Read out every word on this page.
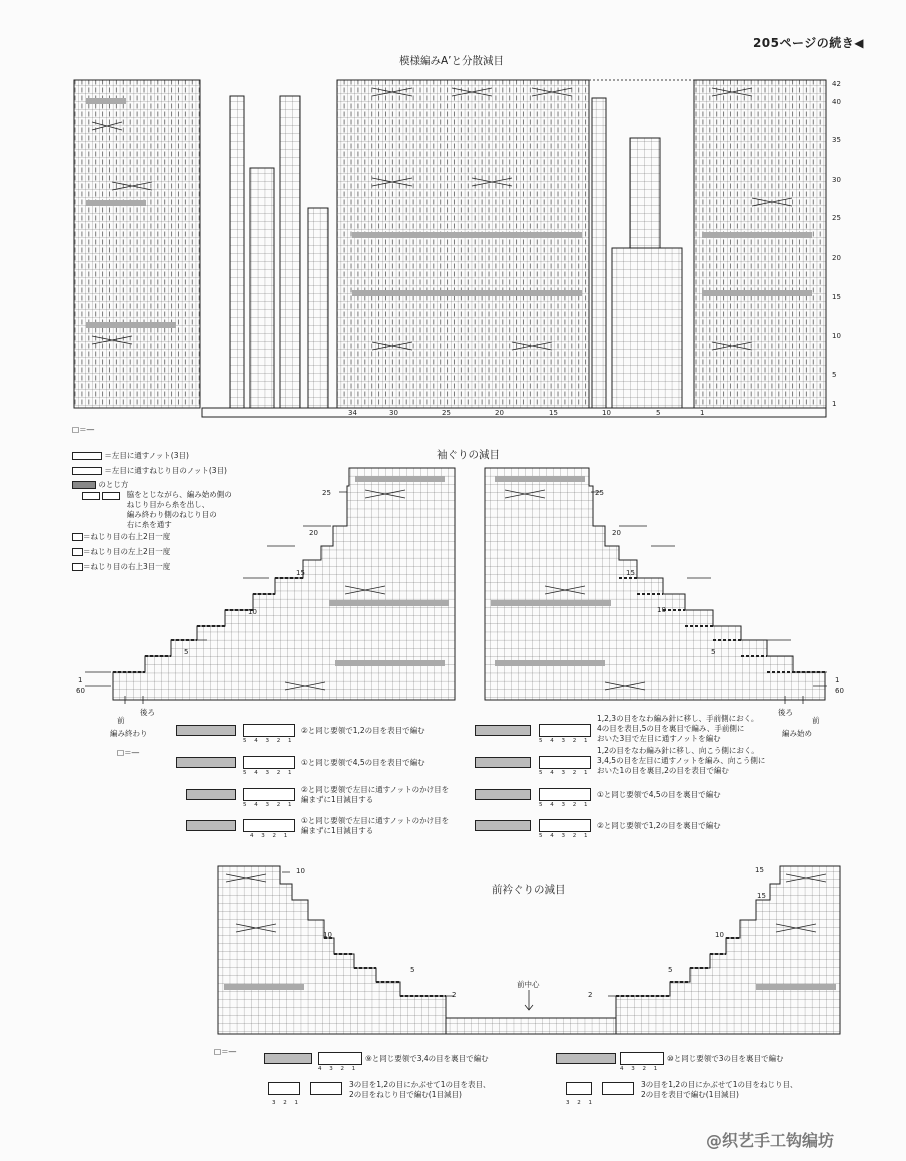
205ページの続き◀
模様編みA’と分散減目
42
40
35
30
25
20
15
10
5
1
34	30	25	20	15	10	5	1
□＝―
＝左目に通すノット(3目)
＝左目に通すねじり目のノット(3目)
のとじ方

脇をとじながら、編み始め側の
ねじり目から糸を出し、
編み終わり側のねじり目の
右に糸を通す
＝ねじり目の右上2目一度
＝ねじり目の左上2目一度
＝ねじり目の右上3目一度
袖ぐりの減目
25
20
15
10
5
1
60
25
20
15
10
5
1
60
後ろ
前
編み終わり
後ろ
前
編み始め
□＝―
5 4 3 2 1
②と同じ要領で1,2の目を表目で編む
5 4 3 2 1
①と同じ要領で4,5の目を表目で編む
5 4 3 2 1
②と同じ要領で左目に通すノットのかけ目を
編まずに1目減目する
4 3 2 1
①と同じ要領で左目に通すノットのかけ目を
編まずに1目減目する
5 4 3 2 1
1,2,3の目をなわ編み針に移し、手前側におく。
4の目を表目,5の目を裏目で編み、手前側に
おいた3目で左目に通すノットを編む
5 4 3 2 1
1,2の目をなわ編み針に移し、向こう側におく。
3,4,5の目を左目に通すノットを編み、向こう側に
おいた1の目を裏目,2の目を表目で編む
5 4 3 2 1
①と同じ要領で4,5の目を裏目で編む
5 4 3 2 1
②と同じ要領で1,2の目を裏目で編む
前衿ぐりの減目
前中心
10
10
5
2
15
15
10
5
2
□＝―
4 3 2 1
⑨と同じ要領で3,4の目を裏目で編む
4 3 2 1
⑩と同じ要領で3の目を裏目で編む
3 2 1
3の目を1,2の目にかぶせて1の目を表目、
2の目をねじり目で編む(1目減目)
3 2 1
3の目を1,2の目にかぶせて1の目をねじり目、
2の目を表目で編む(1目減目)
@织艺手工钩编坊
